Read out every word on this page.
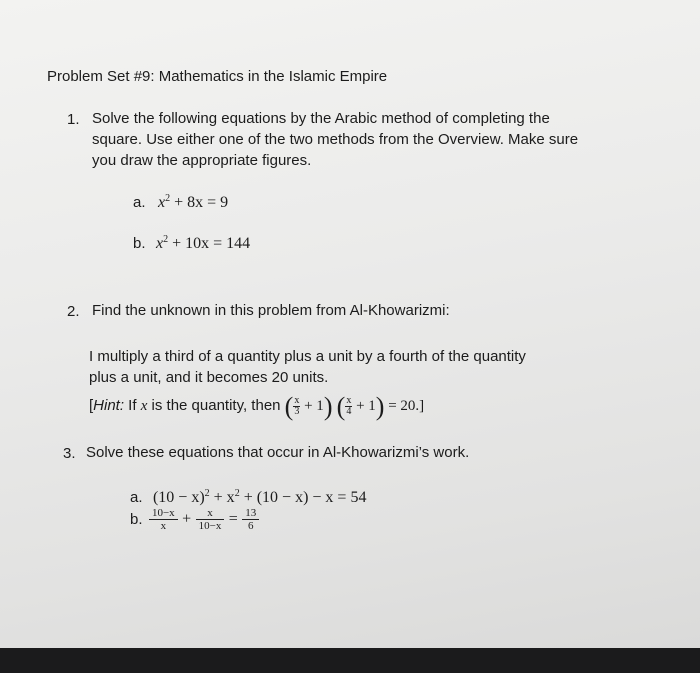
Problem Set #9: Mathematics in the Islamic Empire
1. Solve the following equations by the Arabic method of completing the
square. Use either one of the two methods from the Overview. Make sure
you draw the appropriate figures.
a. $x^2 + 8x = 9$
b. $x^2 + 10x = 144$
2. Find the unknown in this problem from Al-Khowarizmi:
I multiply a third of a quantity plus a unit by a fourth of the quantity
plus a unit, and it becomes 20 units.
[Hint: If x is the quantity, then ( $\frac{x}{3} + 1$) ( $\frac{x}{4} + 1) = 20$.]
3. Solve these equations that occur in Al-Khowarizmi’s work.
a. $(10 - x)^2 + x^2 + (10 - x) - x = 54$
b. $\frac{10-x}{x} + \frac{x}{10-x} = \frac{13}{6}$
